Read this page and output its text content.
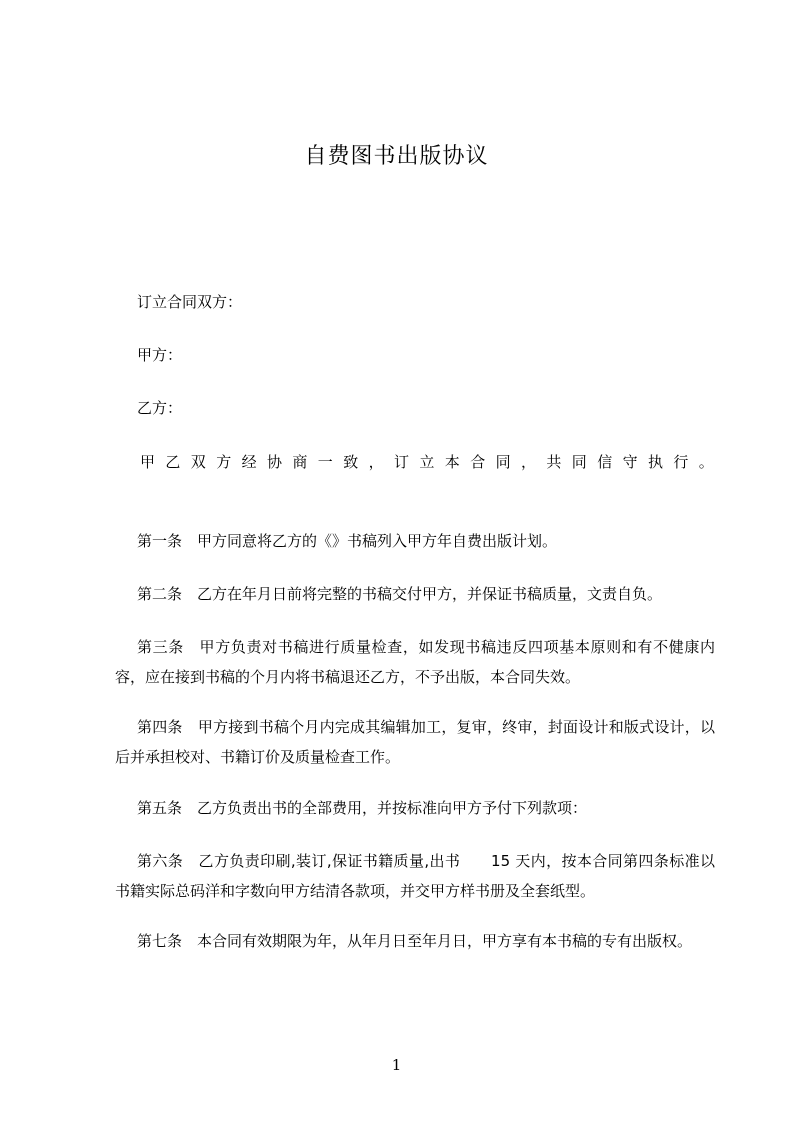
自费图书出版协议
订立合同双方：
甲方：
乙方：
甲乙双方经协商一致，订立本合同，共同信守执行。
第一条　甲方同意将乙方的《》书稿列入甲方年自费出版计划。
第二条　乙方在年月日前将完整的书稿交付甲方，并保证书稿质量，文责自负。
第三条　甲方负责对书稿进行质量检查，如发现书稿违反四项基本原则和有不健康内容，应在接到书稿的个月内将书稿退还乙方，不予出版，本合同失效。
第四条　甲方接到书稿个月内完成其编辑加工，复审，终审，封面设计和版式设计，以后并承担校对、书籍订价及质量检查工作。
第五条　乙方负责出书的全部费用，并按标准向甲方予付下列款项：
第六条　乙方负责印刷,装订,保证书籍质量,出书　　15 天内，按本合同第四条标准以书籍实际总码洋和字数向甲方结清各款项，并交甲方样书册及全套纸型。
第七条　本合同有效期限为年，从年月日至年月日，甲方享有本书稿的专有出版权。
1
